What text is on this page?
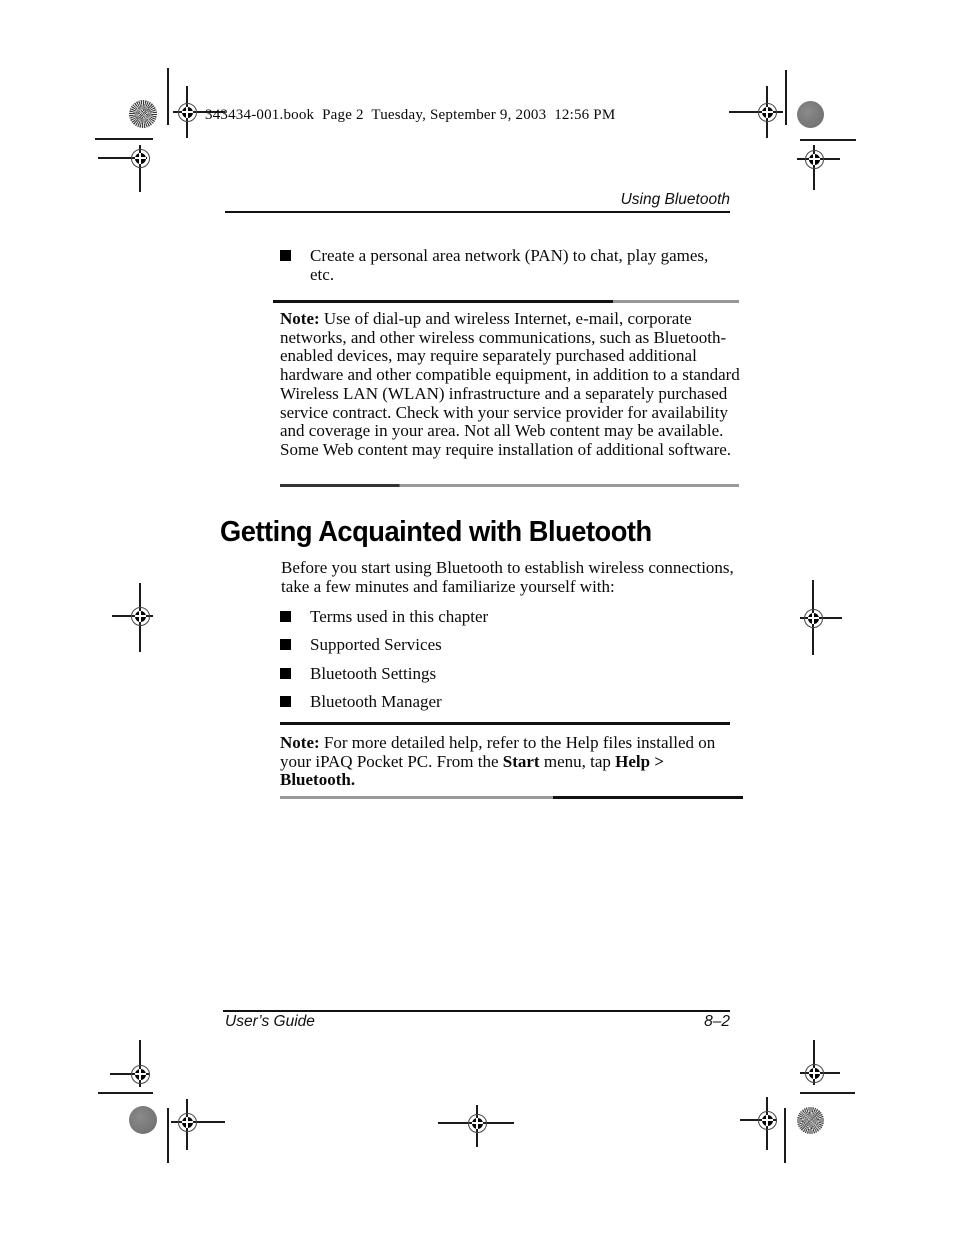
343434-001.book  Page 2  Tuesday, September 9, 2003  12:56 PM
Using Bluetooth
Create a personal area network (PAN) to chat, play games, etc.
Note: Use of dial-up and wireless Internet, e-mail, corporate networks, and other wireless communications, such as Bluetooth-enabled devices, may require separately purchased additional hardware and other compatible equipment, in addition to a standard Wireless LAN (WLAN) infrastructure and a separately purchased service contract. Check with your service provider for availability and coverage in your area. Not all Web content may be available. Some Web content may require installation of additional software.
Getting Acquainted with Bluetooth
Before you start using Bluetooth to establish wireless connections, take a few minutes and familiarize yourself with:
Terms used in this chapter
Supported Services
Bluetooth Settings
Bluetooth Manager
Note: For more detailed help, refer to the Help files installed on your iPAQ Pocket PC. From the Start menu, tap Help > Bluetooth.
User’s Guide	8–2
